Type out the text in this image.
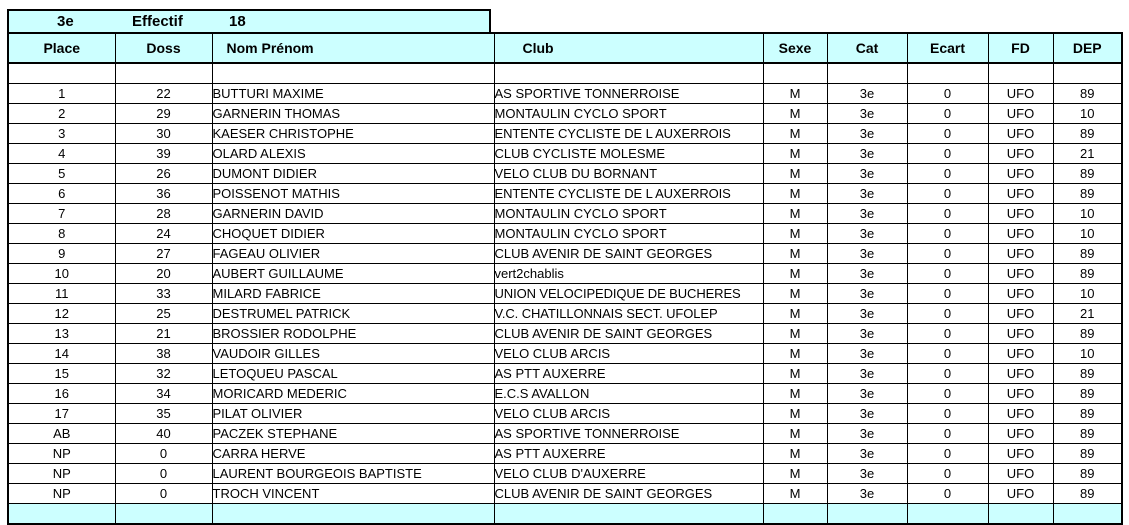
3e	Effectif	18
Place	Doss	Nom Prénom	Club	Sexe	Cat	Ecart	FD	DEP

1	22	BUTTURI MAXIME	AS SPORTIVE TONNERROISE	M	3e	0	UFO	89
2	29	GARNERIN THOMAS	MONTAULIN CYCLO SPORT	M	3e	0	UFO	10
3	30	KAESER CHRISTOPHE	ENTENTE CYCLISTE DE L AUXERROIS	M	3e	0	UFO	89
4	39	OLARD ALEXIS	CLUB CYCLISTE MOLESME	M	3e	0	UFO	21
5	26	DUMONT DIDIER	VELO CLUB DU BORNANT	M	3e	0	UFO	89
6	36	POISSENOT MATHIS	ENTENTE CYCLISTE DE L AUXERROIS	M	3e	0	UFO	89
7	28	GARNERIN DAVID	MONTAULIN CYCLO SPORT	M	3e	0	UFO	10
8	24	CHOQUET DIDIER	MONTAULIN CYCLO SPORT	M	3e	0	UFO	10
9	27	FAGEAU OLIVIER	CLUB AVENIR DE SAINT GEORGES	M	3e	0	UFO	89
10	20	AUBERT GUILLAUME	vert2chablis	M	3e	0	UFO	89
11	33	MILARD FABRICE	UNION VELOCIPEDIQUE DE BUCHERES	M	3e	0	UFO	10
12	25	DESTRUMEL PATRICK	V.C. CHATILLONNAIS SECT. UFOLEP	M	3e	0	UFO	21
13	21	BROSSIER RODOLPHE	CLUB AVENIR DE SAINT GEORGES	M	3e	0	UFO	89
14	38	VAUDOIR GILLES	VELO CLUB ARCIS	M	3e	0	UFO	10
15	32	LETOQUEU PASCAL	AS PTT AUXERRE	M	3e	0	UFO	89
16	34	MORICARD MEDERIC	E.C.S AVALLON	M	3e	0	UFO	89
17	35	PILAT OLIVIER	VELO CLUB ARCIS	M	3e	0	UFO	89
AB	40	PACZEK STEPHANE	AS SPORTIVE TONNERROISE	M	3e	0	UFO	89
NP	0	CARRA HERVE	AS PTT AUXERRE	M	3e	0	UFO	89
NP	0	LAURENT BOURGEOIS BAPTISTE	VELO CLUB D'AUXERRE	M	3e	0	UFO	89
NP	0	TROCH VINCENT	CLUB AVENIR DE SAINT GEORGES	M	3e	0	UFO	89
